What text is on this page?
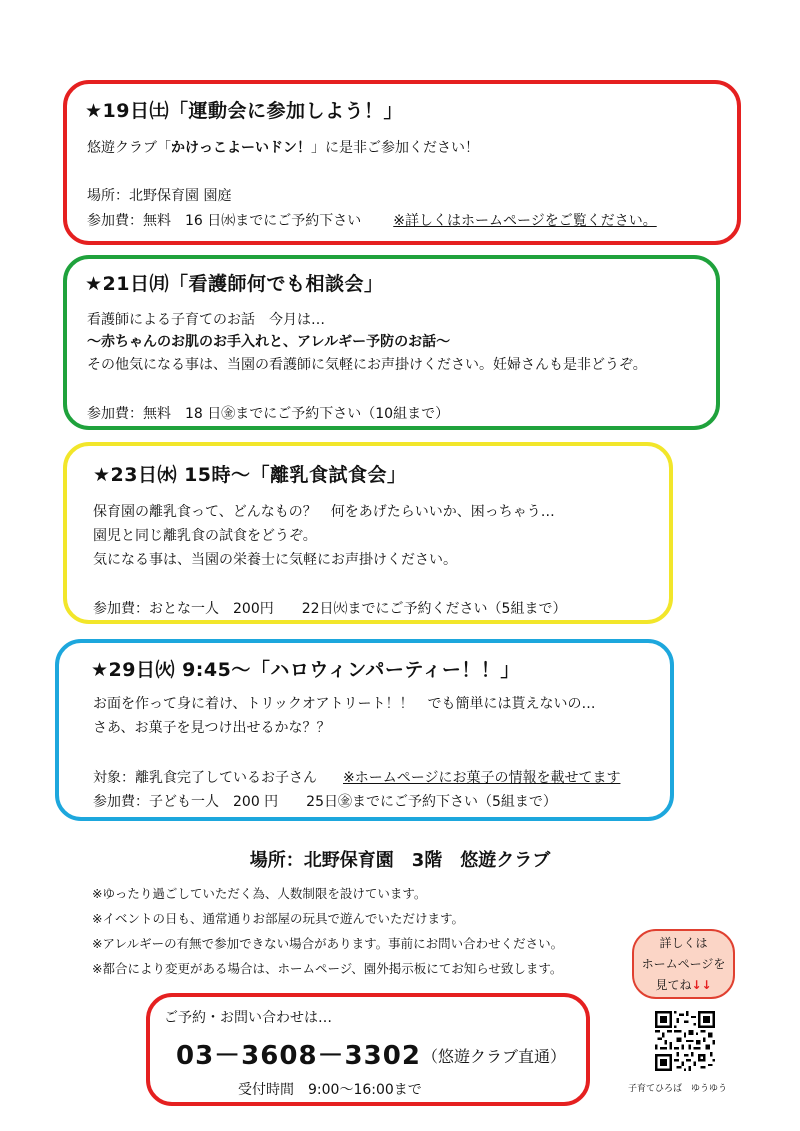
★19日㈯「運動会に参加しよう！」
悠遊クラブ「かけっこよーいドン！」に是非ご参加ください！
場所：北野保育園 園庭
参加費：無料　16 日㈬までにご予約下さい ※詳しくはホームページをご覧ください。
★21日㈪「看護師何でも相談会」
看護師による子育てのお話　今月は…
～赤ちゃんのお肌のお手入れと、アレルギー予防のお話～
その他気になる事は、当園の看護師に気軽にお声掛けください。妊婦さんも是非どうぞ。
参加費：無料　18 日㊎までにご予約下さい（10組まで）
★23日㈬ 15時～「離乳食試食会」
保育園の離乳食って、どんなもの？　何をあげたらいいか、困っちゃう…
園児と同じ離乳食の試食をどうぞ。
気になる事は、当園の栄養士に気軽にお声掛けください。
参加費：おとな一人　200円　　22日㈫までにご予約ください（5組まで）
★29日㈫ 9:45～「ハロウィンパーティー！！」
お面を作って身に着け、トリックオアトリート！！　でも簡単には貰えないの…
さあ、お菓子を見つけ出せるかな？？
対象：離乳食完了しているお子さん ※ホームページにお菓子の情報を載せてます
参加費：子ども一人　200 円　　25日㊎までにご予約下さい（5組まで）
場所：北野保育園　3階　悠遊クラブ
※ゆったり過ごしていただく為、人数制限を設けています。
※イベントの日も、通常通りお部屋の玩具で遊んでいただけます。
※アレルギーの有無で参加できない場合があります。事前にお問い合わせください。
※都合により変更がある場合は、ホームページ、園外掲示板にてお知らせ致します。
詳しくは
ホームページを
見てね↓↓
ご予約・お問い合わせは…
03－3608－3302 （悠遊クラブ直通）
受付時間　9:00～16:00まで	子育てひろば　ゆうゆう
